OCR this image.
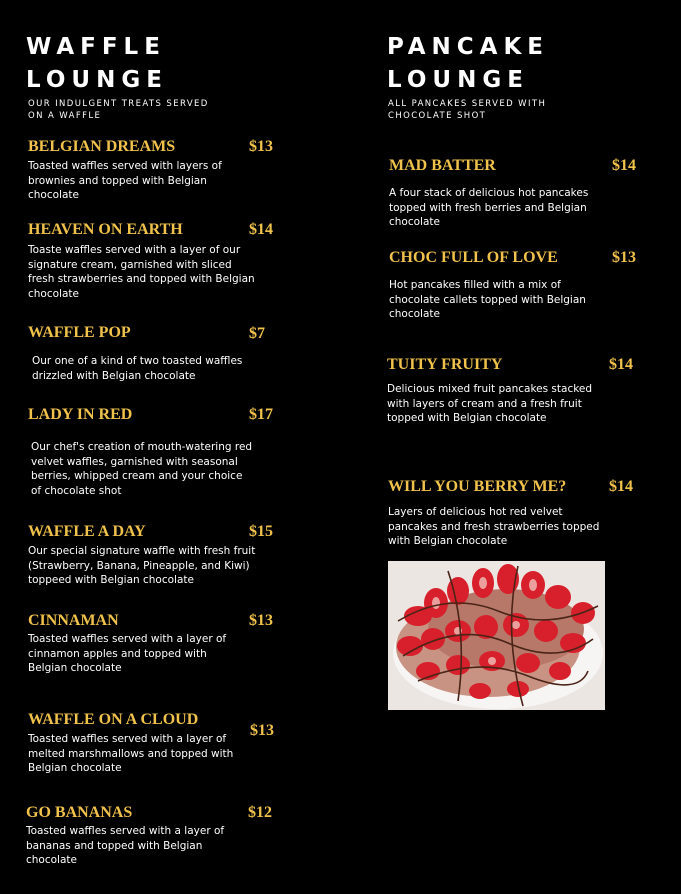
WAFFLE
LOUNGE
OUR INDULGENT TREATS SERVED
ON A WAFFLE
PANCAKE
LOUNGE
ALL PANCAKES SERVED WITH
CHOCOLATE SHOT
BELGIAN DREAMS	$13
Toasted waffles served with layers of brownies and topped with Belgian chocolate
HEAVEN ON EARTH	$14
Toaste waffles served with a layer of our signature cream, garnished with sliced fresh strawberries and topped with Belgian chocolate
WAFFLE POP	$7
Our one of a kind of two toasted waffles drizzled with Belgian chocolate
LADY IN RED	$17
Our chef's creation of mouth-watering red velvet waffles, garnished with seasonal berries, whipped cream and your choice of chocolate shot
WAFFLE A DAY	$15
Our special signature waffle with fresh fruit (Strawberry, Banana, Pineapple, and Kiwi) toppeed with Belgian chocolate
CINNAMAN	$13
Toasted waffles served with a layer of cinnamon apples and topped with Belgian chocolate
WAFFLE ON A CLOUD
$13
Toasted waffles served with a layer of melted marshmallows and topped with Belgian chocolate
GO BANANAS	$12
Toasted waffles served with a layer of bananas and topped with Belgian chocolate
MAD BATTER	$14
A four stack of delicious hot pancakes topped with fresh berries and Belgian chocolate
CHOC FULL OF LOVE	$13
Hot pancakes filled with a mix of chocolate callets topped with Belgian chocolate
TUITY FRUITY	$14
Delicious mixed fruit pancakes stacked with layers of cream and a fresh fruit topped with Belgian chocolate
WILL YOU BERRY ME?	$14
Layers of delicious hot red velvet pancakes and fresh strawberries topped with Belgian chocolate
